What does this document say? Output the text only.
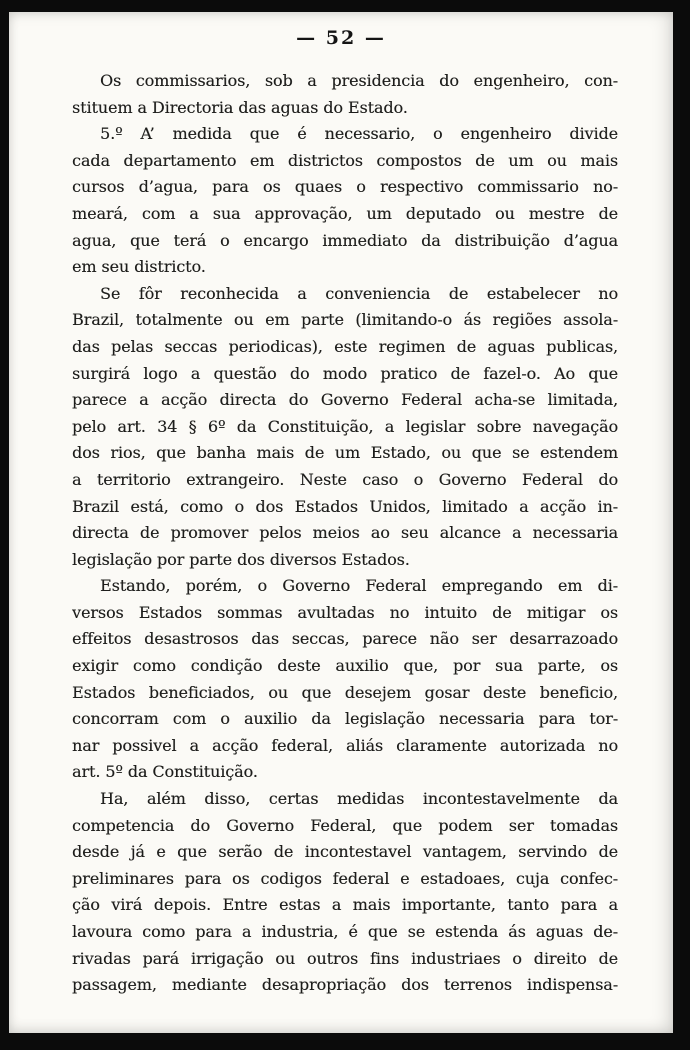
— 52 —
Os commissarios, sob a presidencia do engenheiro, con-
stituem a Directoria das aguas do Estado.
5.º A’ medida que é necessario, o engenheiro divide
cada departamento em districtos compostos de um ou mais
cursos d’agua, para os quaes o respectivo commissario no-
meará, com a sua approvação, um deputado ou mestre de
agua, que terá o encargo immediato da distribuição d’agua
em seu districto.
Se fôr reconhecida a conveniencia de estabelecer no
Brazil, totalmente ou em parte (limitando-o ás regiões assola-
das pelas seccas periodicas), este regimen de aguas publicas,
surgirá logo a questão do modo pratico de fazel-o. Ao que
parece a acção directa do Governo Federal acha-se limitada,
pelo art. 34 § 6º da Constituição, a legislar sobre navegação
dos rios, que banha mais de um Estado, ou que se estendem
a territorio extrangeiro. Neste caso o Governo Federal do
Brazil está, como o dos Estados Unidos, limitado a acção in-
directa de promover pelos meios ao seu alcance a necessaria
legislação por parte dos diversos Estados.
Estando, porém, o Governo Federal empregando em di-
versos Estados sommas avultadas no intuito de mitigar os
effeitos desastrosos das seccas, parece não ser desarrazoado
exigir como condição deste auxilio que, por sua parte, os
Estados beneficiados, ou que desejem gosar deste beneficio,
concorram com o auxilio da legislação necessaria para tor-
nar possivel a acção federal, aliás claramente autorizada no
art. 5º da Constituição.
Ha, além disso, certas medidas incontestavelmente da
competencia do Governo Federal, que podem ser tomadas
desde já e que serão de incontestavel vantagem, servindo de
preliminares para os codigos federal e estadoaes, cuja confec-
ção virá depois. Entre estas a mais importante, tanto para a
lavoura como para a industria, é que se estenda ás aguas de-
rivadas pará irrigação ou outros fins industriaes o direito de
passagem, mediante desapropriação dos terrenos indispensa-
